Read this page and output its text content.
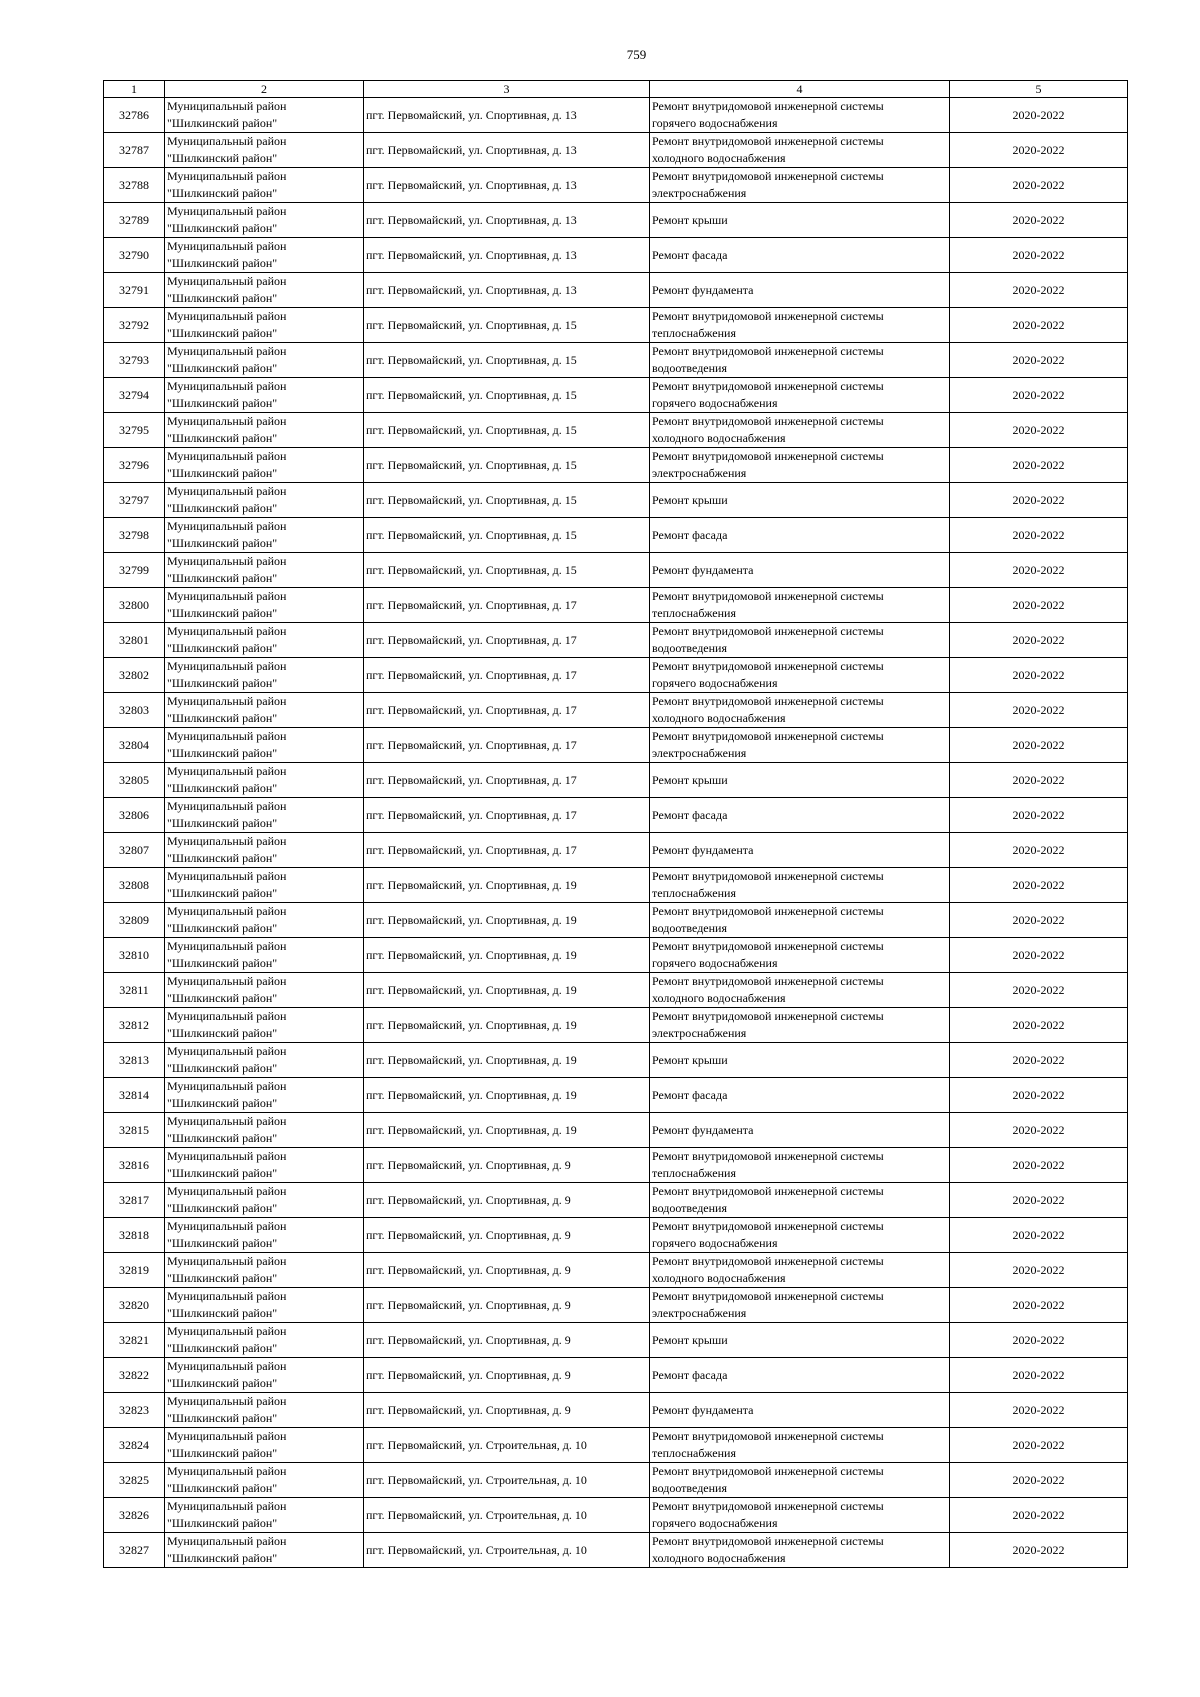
759
1	2	3	4	5
32786	Муниципальный район
"Шилкинский район"	пгт. Первомайский, ул. Спортивная, д. 13	Ремонт внутридомовой инженерной системы
горячего водоснабжения	2020-2022
32787	Муниципальный район
"Шилкинский район"	пгт. Первомайский, ул. Спортивная, д. 13	Ремонт внутридомовой инженерной системы
холодного водоснабжения	2020-2022
32788	Муниципальный район
"Шилкинский район"	пгт. Первомайский, ул. Спортивная, д. 13	Ремонт внутридомовой инженерной системы
электроснабжения	2020-2022
32789	Муниципальный район
"Шилкинский район"	пгт. Первомайский, ул. Спортивная, д. 13	Ремонт крыши	2020-2022
32790	Муниципальный район
"Шилкинский район"	пгт. Первомайский, ул. Спортивная, д. 13	Ремонт фасада	2020-2022
32791	Муниципальный район
"Шилкинский район"	пгт. Первомайский, ул. Спортивная, д. 13	Ремонт фундамента	2020-2022
32792	Муниципальный район
"Шилкинский район"	пгт. Первомайский, ул. Спортивная, д. 15	Ремонт внутридомовой инженерной системы
теплоснабжения	2020-2022
32793	Муниципальный район
"Шилкинский район"	пгт. Первомайский, ул. Спортивная, д. 15	Ремонт внутридомовой инженерной системы
водоотведения	2020-2022
32794	Муниципальный район
"Шилкинский район"	пгт. Первомайский, ул. Спортивная, д. 15	Ремонт внутридомовой инженерной системы
горячего водоснабжения	2020-2022
32795	Муниципальный район
"Шилкинский район"	пгт. Первомайский, ул. Спортивная, д. 15	Ремонт внутридомовой инженерной системы
холодного водоснабжения	2020-2022
32796	Муниципальный район
"Шилкинский район"	пгт. Первомайский, ул. Спортивная, д. 15	Ремонт внутридомовой инженерной системы
электроснабжения	2020-2022
32797	Муниципальный район
"Шилкинский район"	пгт. Первомайский, ул. Спортивная, д. 15	Ремонт крыши	2020-2022
32798	Муниципальный район
"Шилкинский район"	пгт. Первомайский, ул. Спортивная, д. 15	Ремонт фасада	2020-2022
32799	Муниципальный район
"Шилкинский район"	пгт. Первомайский, ул. Спортивная, д. 15	Ремонт фундамента	2020-2022
32800	Муниципальный район
"Шилкинский район"	пгт. Первомайский, ул. Спортивная, д. 17	Ремонт внутридомовой инженерной системы
теплоснабжения	2020-2022
32801	Муниципальный район
"Шилкинский район"	пгт. Первомайский, ул. Спортивная, д. 17	Ремонт внутридомовой инженерной системы
водоотведения	2020-2022
32802	Муниципальный район
"Шилкинский район"	пгт. Первомайский, ул. Спортивная, д. 17	Ремонт внутридомовой инженерной системы
горячего водоснабжения	2020-2022
32803	Муниципальный район
"Шилкинский район"	пгт. Первомайский, ул. Спортивная, д. 17	Ремонт внутридомовой инженерной системы
холодного водоснабжения	2020-2022
32804	Муниципальный район
"Шилкинский район"	пгт. Первомайский, ул. Спортивная, д. 17	Ремонт внутридомовой инженерной системы
электроснабжения	2020-2022
32805	Муниципальный район
"Шилкинский район"	пгт. Первомайский, ул. Спортивная, д. 17	Ремонт крыши	2020-2022
32806	Муниципальный район
"Шилкинский район"	пгт. Первомайский, ул. Спортивная, д. 17	Ремонт фасада	2020-2022
32807	Муниципальный район
"Шилкинский район"	пгт. Первомайский, ул. Спортивная, д. 17	Ремонт фундамента	2020-2022
32808	Муниципальный район
"Шилкинский район"	пгт. Первомайский, ул. Спортивная, д. 19	Ремонт внутридомовой инженерной системы
теплоснабжения	2020-2022
32809	Муниципальный район
"Шилкинский район"	пгт. Первомайский, ул. Спортивная, д. 19	Ремонт внутридомовой инженерной системы
водоотведения	2020-2022
32810	Муниципальный район
"Шилкинский район"	пгт. Первомайский, ул. Спортивная, д. 19	Ремонт внутридомовой инженерной системы
горячего водоснабжения	2020-2022
32811	Муниципальный район
"Шилкинский район"	пгт. Первомайский, ул. Спортивная, д. 19	Ремонт внутридомовой инженерной системы
холодного водоснабжения	2020-2022
32812	Муниципальный район
"Шилкинский район"	пгт. Первомайский, ул. Спортивная, д. 19	Ремонт внутридомовой инженерной системы
электроснабжения	2020-2022
32813	Муниципальный район
"Шилкинский район"	пгт. Первомайский, ул. Спортивная, д. 19	Ремонт крыши	2020-2022
32814	Муниципальный район
"Шилкинский район"	пгт. Первомайский, ул. Спортивная, д. 19	Ремонт фасада	2020-2022
32815	Муниципальный район
"Шилкинский район"	пгт. Первомайский, ул. Спортивная, д. 19	Ремонт фундамента	2020-2022
32816	Муниципальный район
"Шилкинский район"	пгт. Первомайский, ул. Спортивная, д. 9	Ремонт внутридомовой инженерной системы
теплоснабжения	2020-2022
32817	Муниципальный район
"Шилкинский район"	пгт. Первомайский, ул. Спортивная, д. 9	Ремонт внутридомовой инженерной системы
водоотведения	2020-2022
32818	Муниципальный район
"Шилкинский район"	пгт. Первомайский, ул. Спортивная, д. 9	Ремонт внутридомовой инженерной системы
горячего водоснабжения	2020-2022
32819	Муниципальный район
"Шилкинский район"	пгт. Первомайский, ул. Спортивная, д. 9	Ремонт внутридомовой инженерной системы
холодного водоснабжения	2020-2022
32820	Муниципальный район
"Шилкинский район"	пгт. Первомайский, ул. Спортивная, д. 9	Ремонт внутридомовой инженерной системы
электроснабжения	2020-2022
32821	Муниципальный район
"Шилкинский район"	пгт. Первомайский, ул. Спортивная, д. 9	Ремонт крыши	2020-2022
32822	Муниципальный район
"Шилкинский район"	пгт. Первомайский, ул. Спортивная, д. 9	Ремонт фасада	2020-2022
32823	Муниципальный район
"Шилкинский район"	пгт. Первомайский, ул. Спортивная, д. 9	Ремонт фундамента	2020-2022
32824	Муниципальный район
"Шилкинский район"	пгт. Первомайский, ул. Строительная, д. 10	Ремонт внутридомовой инженерной системы
теплоснабжения	2020-2022
32825	Муниципальный район
"Шилкинский район"	пгт. Первомайский, ул. Строительная, д. 10	Ремонт внутридомовой инженерной системы
водоотведения	2020-2022
32826	Муниципальный район
"Шилкинский район"	пгт. Первомайский, ул. Строительная, д. 10	Ремонт внутридомовой инженерной системы
горячего водоснабжения	2020-2022
32827	Муниципальный район
"Шилкинский район"	пгт. Первомайский, ул. Строительная, д. 10	Ремонт внутридомовой инженерной системы
холодного водоснабжения	2020-2022
